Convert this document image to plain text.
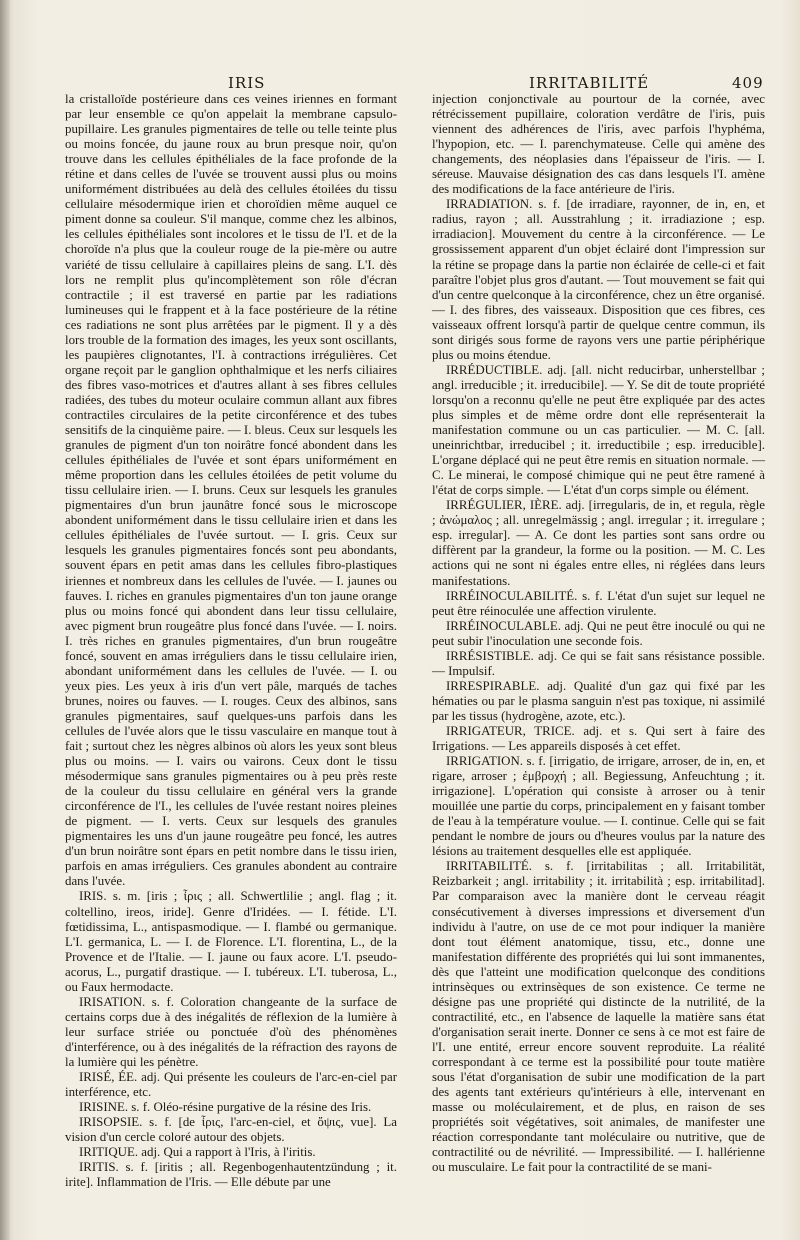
IRIS	IRRITABILITÉ	409

la cristalloïde postérieure dans ces veines iriennes en formant par leur ensemble ce qu'on appelait la membrane capsulo-pupillaire. Les granules pigmentaires de telle ou telle teinte plus ou moins foncée, du jaune roux au brun presque noir, qu'on trouve dans les cellules épithéliales de la face profonde de la rétine et dans celles de l'uvée se trouvent aussi plus ou moins uniformément distribuées au delà des cellules étoilées du tissu cellulaire mésodermique irien et choroïdien même auquel ce piment donne sa couleur. S'il manque, comme chez les albinos, les cellules épithéliales sont incolores et le tissu de l'I. et de la choroïde n'a plus que la couleur rouge de la pie-mère ou autre variété de tissu cellulaire à capillaires pleins de sang. L'I. dès lors ne remplit plus qu'incomplètement son rôle d'écran contractile ; il est traversé en partie par les radiations lumineuses qui le frappent et à la face postérieure de la rétine ces radiations ne sont plus arrêtées par le pigment. Il y a dès lors trouble de la formation des images, les yeux sont oscillants, les paupières clignotantes, l'I. à contractions irrégulières. Cet organe reçoit par le ganglion ophthalmique et les nerfs ciliaires des fibres vaso-motrices et d'autres allant à ses fibres cellules radiées, des tubes du moteur oculaire commun allant aux fibres contractiles circulaires de la petite circonférence et des tubes sensitifs de la cinquième paire. — I. bleus. Ceux sur lesquels les granules de pigment d'un ton noirâtre foncé abondent dans les cellules épithéliales de l'uvée et sont épars uniformément en même proportion dans les cellules étoilées de petit volume du tissu cellulaire irien. — I. bruns. Ceux sur lesquels les granules pigmentaires d'un brun jaunâtre foncé sous le microscope abondent uniformément dans le tissu cellulaire irien et dans les cellules épithéliales de l'uvée surtout. — I. gris. Ceux sur lesquels les granules pigmentaires foncés sont peu abondants, souvent épars en petit amas dans les cellules fibro-plastiques iriennes et nombreux dans les cellules de l'uvée. — I. jaunes ou fauves. I. riches en granules pigmentaires d'un ton jaune orange plus ou moins foncé qui abondent dans leur tissu cellulaire, avec pigment brun rougeâtre plus foncé dans l'uvée. — I. noirs. I. très riches en granules pigmentaires, d'un brun rougeâtre foncé, souvent en amas irréguliers dans le tissu cellulaire irien, abondant uniformément dans les cellules de l'uvée. — I. ou yeux pies. Les yeux à iris d'un vert pâle, marqués de taches brunes, noires ou fauves. — I. rouges. Ceux des albinos, sans granules pigmentaires, sauf quelques-uns parfois dans les cellules de l'uvée alors que le tissu vasculaire en manque tout à fait ; surtout chez les nègres albinos où alors les yeux sont bleus plus ou moins. — I. vairs ou vairons. Ceux dont le tissu mésodermique sans granules pigmentaires ou à peu près reste de la couleur du tissu cellulaire en général vers la grande circonférence de l'I., les cellules de l'uvée restant noires pleines de pigment. — I. verts. Ceux sur lesquels des granules pigmentaires les uns d'un jaune rougeâtre peu foncé, les autres d'un brun noirâtre sont épars en petit nombre dans le tissu irien, parfois en amas irréguliers. Ces granules abondent au contraire dans l'uvée.

IRIS. s. m. [iris ; ἶρις ; all. Schwertlilie ; angl. flag ; it. coltellino, ireos, iride]. Genre d'Iridées. — I. fétide. L'I. fœtidissima, L., antispasmodique. — I. flambé ou germanique. L'I. germanica, L. — I. de Florence. L'I. florentina, L., de la Provence et de l'Italie. — I. jaune ou faux acore. L'I. pseudo-acorus, L., purgatif drastique. — I. tubéreux. L'I. tuberosa, L., ou Faux hermodacte.

IRISATION. s. f. Coloration changeante de la surface de certains corps due à des inégalités de réflexion de la lumière à leur surface striée ou ponctuée d'où des phénomènes d'interférence, ou à des inégalités de la réfraction des rayons de la lumière qui les pénètre.

IRISÉ, ÉE. adj. Qui présente les couleurs de l'arc-en-ciel par interférence, etc.

IRISINE. s. f. Oléo-résine purgative de la résine des Iris.

IRISOPSIE. s. f. [de ἶρις, l'arc-en-ciel, et ὄψις, vue]. La vision d'un cercle coloré autour des objets.

IRITIQUE. adj. Qui a rapport à l'Iris, à l'iritis.

IRITIS. s. f. [iritis ; all. Regenbogenhautentzündung ; it. irite]. Inflammation de l'Iris. — Elle débute par une

injection conjonctivale au pourtour de la cornée, avec rétrécissement pupillaire, coloration verdâtre de l'iris, puis viennent des adhérences de l'iris, avec parfois l'hyphéma, l'hypopion, etc. — I. parenchymateuse. Celle qui amène des changements, des néoplasies dans l'épaisseur de l'iris. — I. séreuse. Mauvaise désignation des cas dans lesquels l'I. amène des modifications de la face antérieure de l'iris.

IRRADIATION. s. f. [de irradiare, rayonner, de in, en, et radius, rayon ; all. Ausstrahlung ; it. irradiazione ; esp. irradiacion]. Mouvement du centre à la circonférence. — Le grossissement apparent d'un objet éclairé dont l'impression sur la rétine se propage dans la partie non éclairée de celle-ci et fait paraître l'objet plus gros d'autant. — Tout mouvement se fait qui d'un centre quelconque à la circonférence, chez un être organisé. — I. des fibres, des vaisseaux. Disposition que ces fibres, ces vaisseaux offrent lorsqu'à partir de quelque centre commun, ils sont dirigés sous forme de rayons vers une partie périphérique plus ou moins étendue.

IRRÉDUCTIBLE. adj. [all. nicht reducirbar, unherstellbar ; angl. irreducible ; it. irreducibile]. — Y. Se dit de toute propriété lorsqu'on a reconnu qu'elle ne peut être expliquée par des actes plus simples et de même ordre dont elle représenterait la manifestation commune ou un cas particulier. — M. C. [all. uneinrichtbar, irreducibel ; it. irreductibile ; esp. irreducible]. L'organe déplacé qui ne peut être remis en situation normale. — C. Le minerai, le composé chimique qui ne peut être ramené à l'état de corps simple. — L'état d'un corps simple ou élément.

IRRÉGULIER, IÈRE. adj. [irregularis, de in, et regula, règle ; ἀνώμαλος ; all. unregelmässig ; angl. irregular ; it. irregulare ; esp. irregular]. — A. Ce dont les parties sont sans ordre ou diffèrent par la grandeur, la forme ou la position. — M. C. Les actions qui ne sont ni égales entre elles, ni réglées dans leurs manifestations.

IRRÉINOCULABILITÉ. s. f. L'état d'un sujet sur lequel ne peut être réinoculée une affection virulente.

IRRÉINOCULABLE. adj. Qui ne peut être inoculé ou qui ne peut subir l'inoculation une seconde fois.

IRRÉSISTIBLE. adj. Ce qui se fait sans résistance possible. — Impulsif.

IRRESPIRABLE. adj. Qualité d'un gaz qui fixé par les hématies ou par le plasma sanguin n'est pas toxique, ni assimilé par les tissus (hydrogène, azote, etc.).

IRRIGATEUR, TRICE. adj. et s. Qui sert à faire des Irrigations. — Les appareils disposés à cet effet.

IRRIGATION. s. f. [irrigatio, de irrigare, arroser, de in, en, et rigare, arroser ; ἐμβροχή ; all. Begiessung, Anfeuchtung ; it. irrigazione]. L'opération qui consiste à arroser ou à tenir mouillée une partie du corps, principalement en y faisant tomber de l'eau à la température voulue. — I. continue. Celle qui se fait pendant le nombre de jours ou d'heures voulus par la nature des lésions au traitement desquelles elle est appliquée.

IRRITABILITÉ. s. f. [irritabilitas ; all. Irritabilität, Reizbarkeit ; angl. irritability ; it. irritabilità ; esp. irritabilitad]. Par comparaison avec la manière dont le cerveau réagit consécutivement à diverses impressions et diversement d'un individu à l'autre, on use de ce mot pour indiquer la manière dont tout élément anatomique, tissu, etc., donne une manifestation différente des propriétés qui lui sont immanentes, dès que l'atteint une modification quelconque des conditions intrinsèques ou extrinsèques de son existence. Ce terme ne désigne pas une propriété qui distincte de la nutrilité, de la contractilité, etc., en l'absence de laquelle la matière sans état d'organisation serait inerte. Donner ce sens à ce mot est faire de l'I. une entité, erreur encore souvent reproduite. La réalité correspondant à ce terme est la possibilité pour toute matière sous l'état d'organisation de subir une modification de la part des agents tant extérieurs qu'intérieurs à elle, intervenant en masse ou moléculairement, et de plus, en raison de ses propriétés soit végétatives, soit animales, de manifester une réaction correspondante tant moléculaire ou nutritive, que de contractilité ou de névrilité. — Impressibilité. — I. hallérienne ou musculaire. Le fait pour la contractilité de se mani-
